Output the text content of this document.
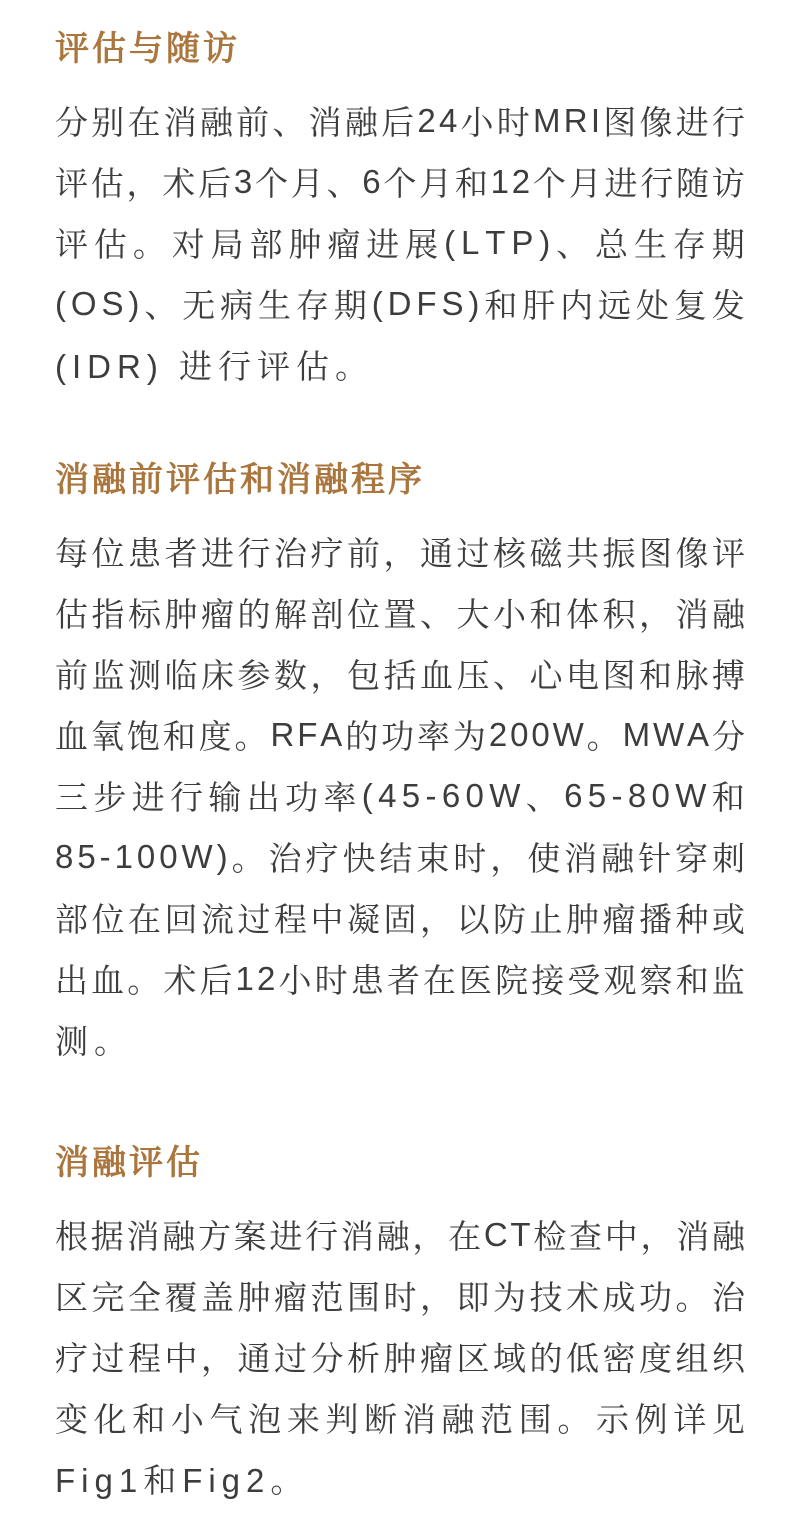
评估与随访
分 别 在 消 融 前 、 消 融 后 2 4 小 时 M R I 图 像 进 行
评 估 ， 术 后 3 个 月 、 6 个 月 和 1 2 个 月 进 行 随 访
评 估 。 对 局 部 肿 瘤 进 展 ( L T P ) 、 总 生 存 期
( O S ) 、 无 病 生 存 期 ( D F S ) 和 肝 内 远 处 复 发
(IDR) 进行评估。
消融前评估和消融程序
每 位 患 者 进 行 治 疗 前 ， 通 过 核 磁 共 振 图 像 评
估 指 标 肿 瘤 的 解 剖 位 置 、 大 小 和 体 积 ， 消 融
前 监 测 临 床 参 数 ， 包 括 血 压 、 心 电 图 和 脉 搏
血 氧 饱 和 度 。 R F A 的 功 率 为 2 0 0 W 。 M W A 分
三 步 进 行 输 出 功 率 ( 4 5 - 6 0 W 、 6 5 - 8 0 W 和
8 5 - 1 0 0 W ) 。 治 疗 快 结 束 时 ， 使 消 融 针 穿 刺
部 位 在 回 流 过 程 中 凝 固 ， 以 防 止 肿 瘤 播 种 或
出 血 。 术 后 1 2 小 时 患 者 在 医 院 接 受 观 察 和 监
测。
消融评估
根 据 消 融 方 案 进 行 消 融 ， 在 C T 检 查 中 ， 消 融
区 完 全 覆 盖 肿 瘤 范 围 时 ， 即 为 技 术 成 功 。 治
疗 过 程 中 ， 通 过 分 析 肿 瘤 区 域 的 低 密 度 组 织
变 化 和 小 气 泡 来 判 断 消 融 范 围 。 示 例 详 见
Fig1和Fig2。
